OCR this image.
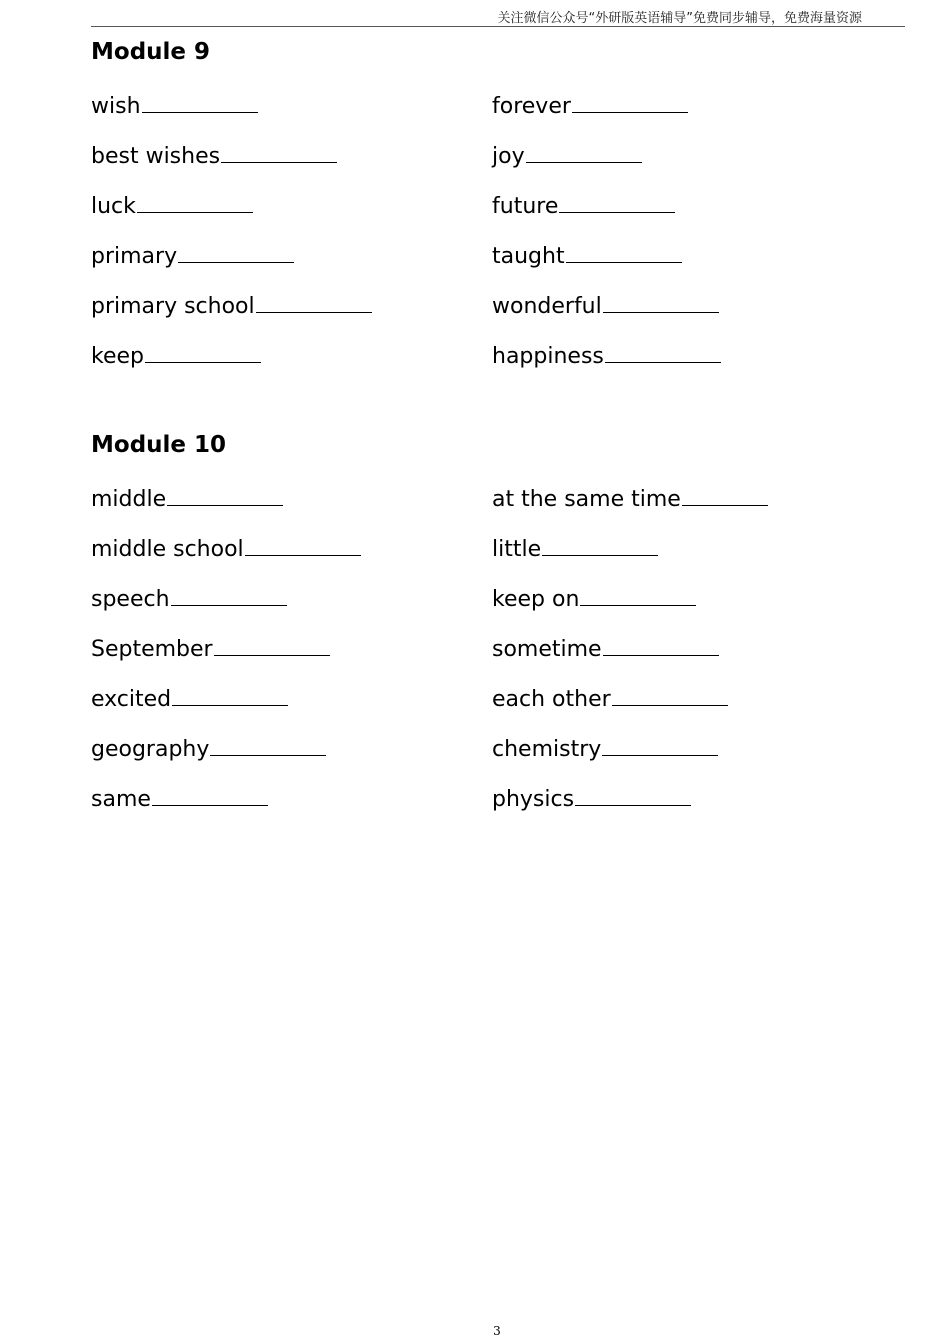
关注微信公众号“外研版英语辅导”免费同步辅导，免费海量资源
Module 9
wish
best wishes
luck
primary
primary school
keep
forever
joy
future
taught
wonderful
happiness
Module 10
middle
middle school
speech
September
excited
geography
same
at the same time
little
keep on
sometime
each other
chemistry
physics
3
